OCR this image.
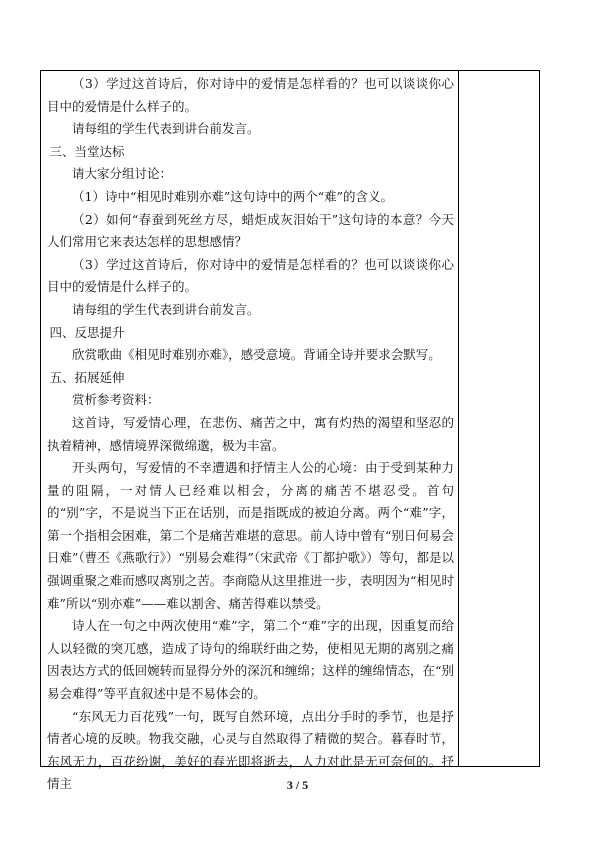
（3）学过这首诗后，你对诗中的爱情是怎样看的？也可以谈谈你心目中的爱情是什么样子的。

请每组的学生代表到讲台前发言。

三、当堂达标

请大家分组讨论：

（1）诗中“相见时难别亦难”这句诗中的两个“难”的含义。

（2）如何“春蚕到死丝方尽，蜡炬成灰泪始干”这句诗的本意？今天人们常用它来表达怎样的思想感情？

（3）学过这首诗后，你对诗中的爱情是怎样看的？也可以谈谈你心目中的爱情是什么样子的。

请每组的学生代表到讲台前发言。

四、反思提升

欣赏歌曲《相见时难别亦难》，感受意境。背诵全诗并要求会默写。

五、拓展延伸

赏析参考资料：

这首诗，写爱情心理，在悲伤、痛苦之中，寓有灼热的渴望和坚忍的执着精神，感情境界深微绵邈，极为丰富。

开头两句，写爱情的不幸遭遇和抒情主人公的心境：由于受到某种力量的阻隔，一对情人已经难以相会，分离的痛苦不堪忍受。首句的“别”字，不是说当下正在话别，而是指既成的被迫分离。两个“难”字，第一个指相会困难，第二个是痛苦难堪的意思。前人诗中曾有“别日何易会日难”（曹丕《燕歌行》）“别易会难得”（宋武帝《丁都护歌》）等句，都是以强调重聚之难而感叹离别之苦。李商隐从这里推进一步，表明因为“相见时难”所以“别亦难”——难以割舍、痛苦得难以禁受。

诗人在一句之中两次使用“难”字，第二个“难”字的出现，因重复而给人以轻微的突兀感，造成了诗句的绵联纡曲之势，使相见无期的离别之痛因表达方式的低回婉转而显得分外的深沉和缠绵；这样的缠绵情态，在“别易会难得”等平直叙述中是不易体会的。

“东风无力百花残”一句，既写自然环境，点出分手时的季节，也是抒情者心境的反映。物我交融，心灵与自然取得了精微的契合。暮春时节，东风无力，百花纷谢，美好的春光即将逝去，人力对此是无可奈何的。抒情主	3 / 5
